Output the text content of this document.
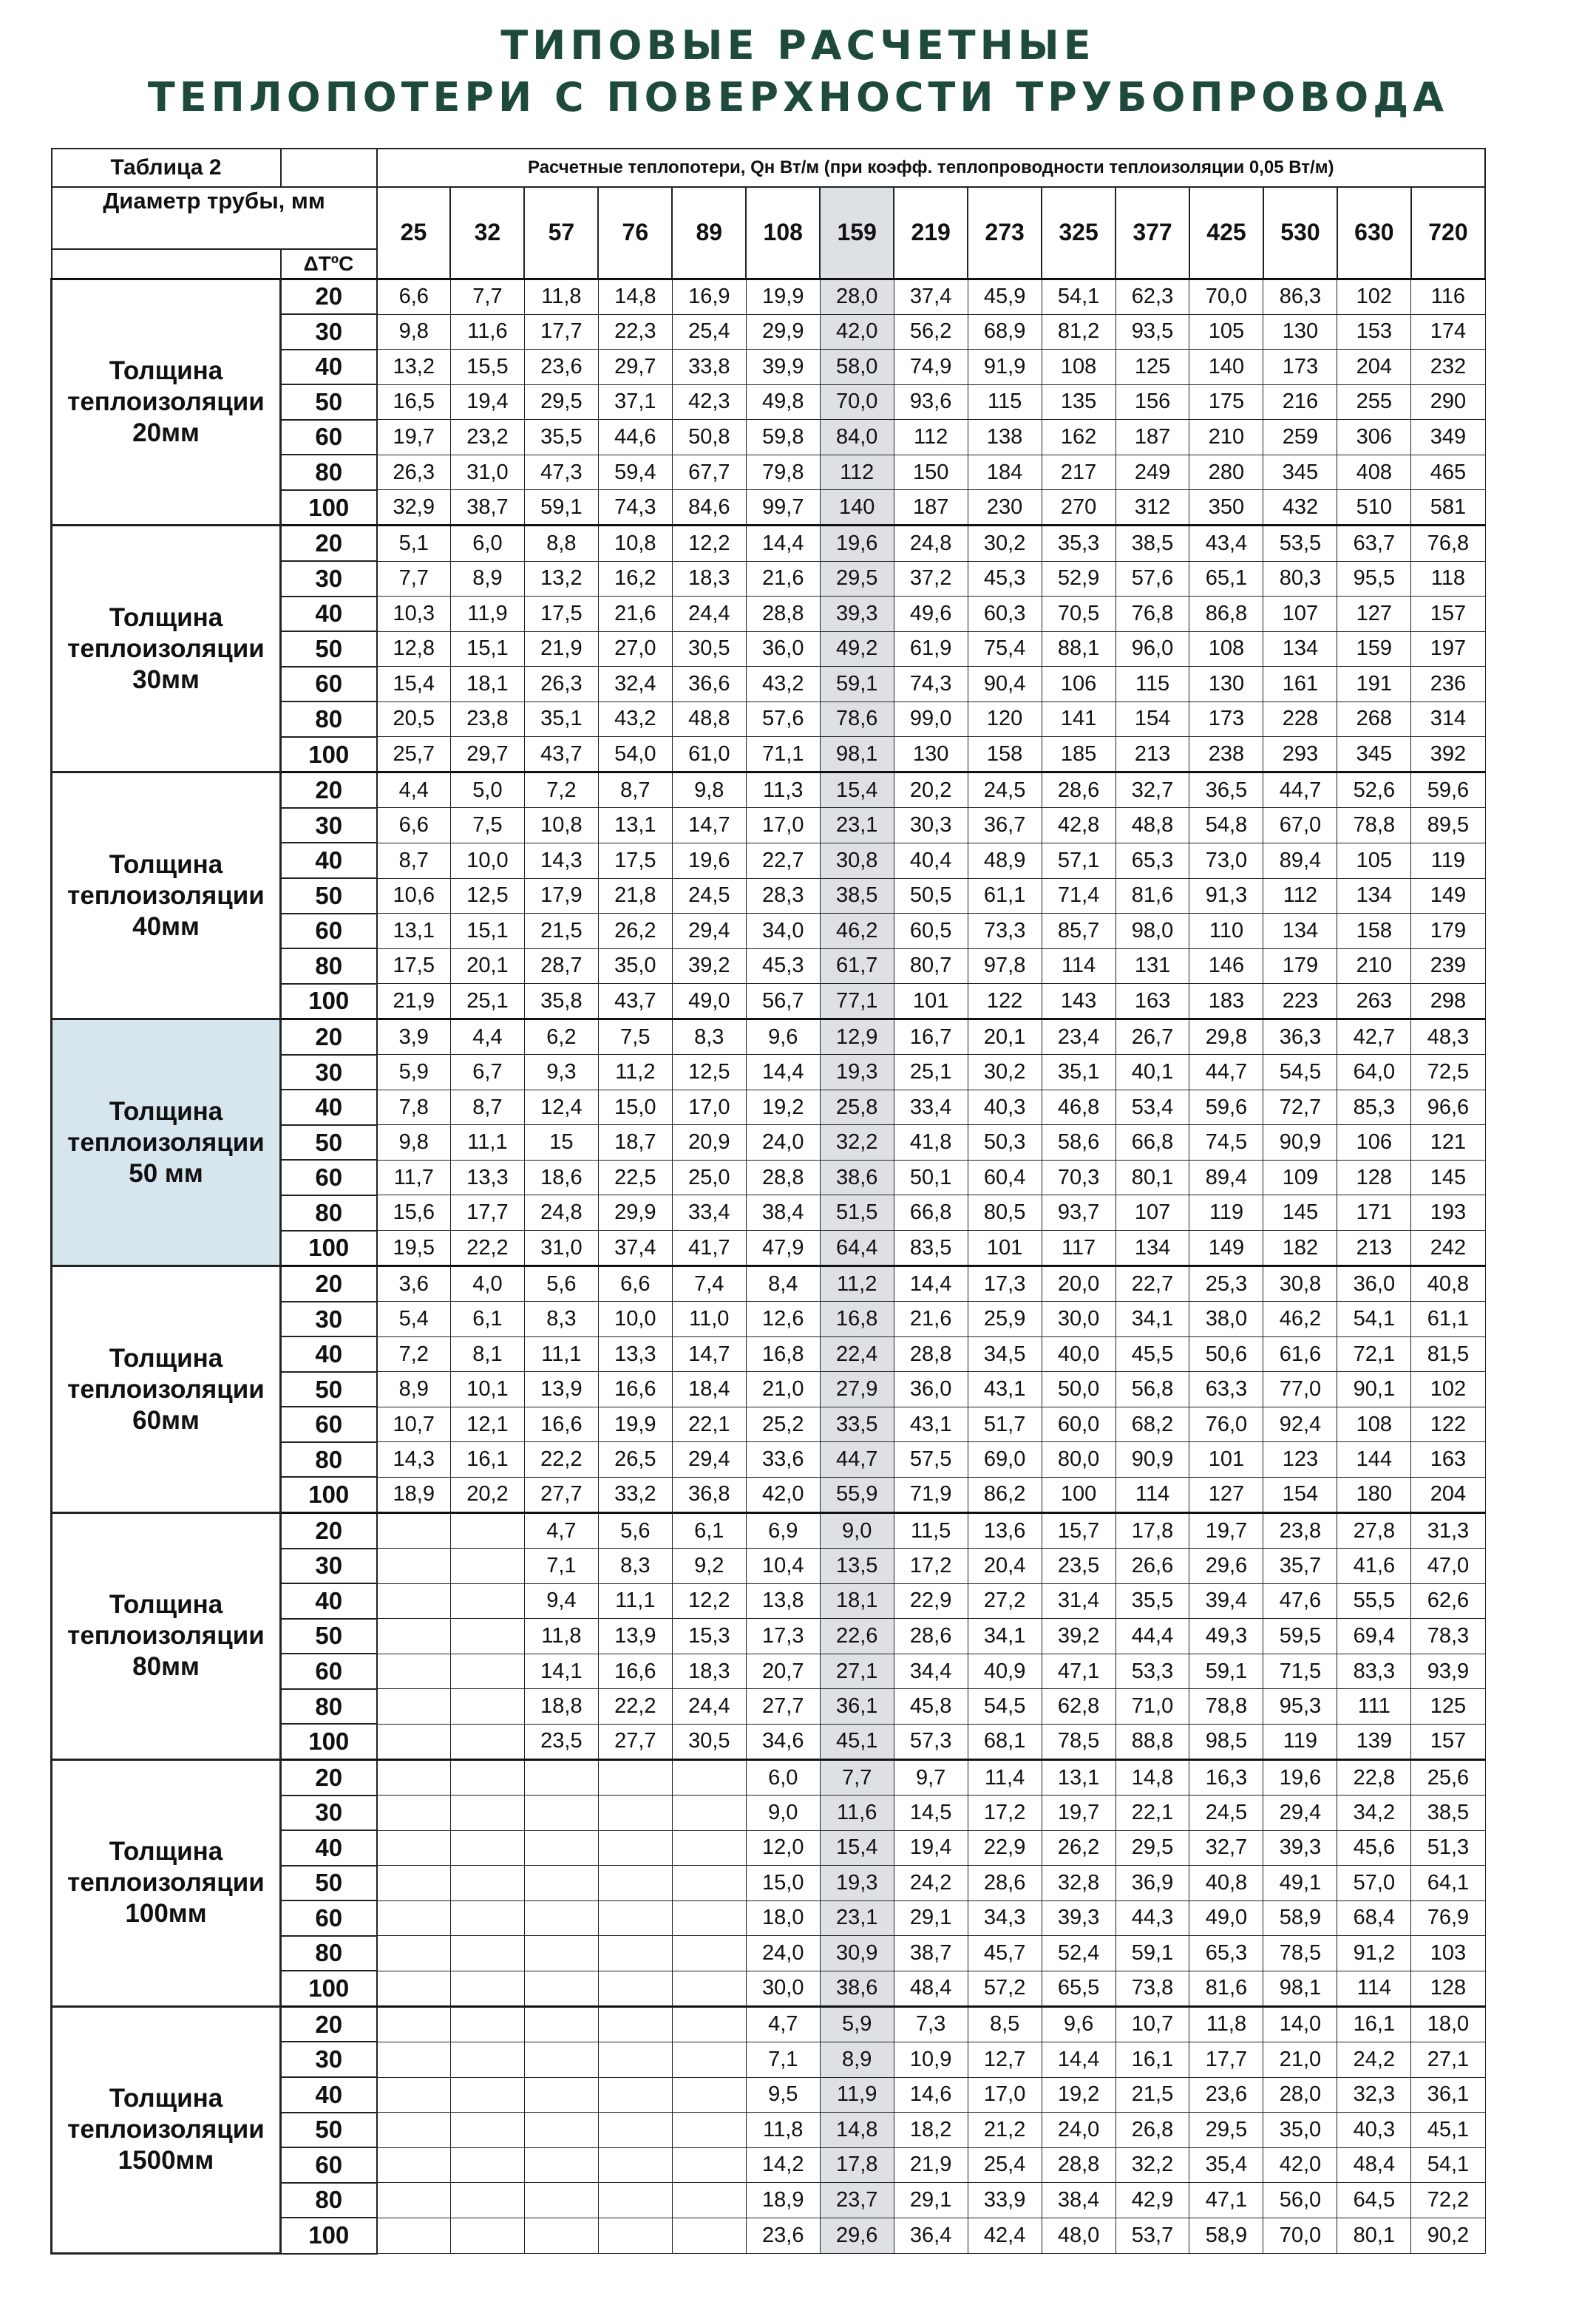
ТИПОВЫЕ РАСЧЕТНЫЕ
ТЕПЛОПОТЕРИ С ПОВЕРХНОСТИ ТРУБОПРОВОДА
Таблица 2		Расчетные теплопотери, Qн Вт/м (при коэфф. теплопроводности теплоизоляции 0,05 Вт/м)														
Диаметр трубы, мм		25	32	57	76	89	108	159	219	273	325	377	425	530	630	720
	ΔТºС															
Толщина теплоизоляции 20мм	20	6,6	7,7	11,8	14,8	16,9	19,9	28,0	37,4	45,9	54,1	62,3	70,0	86,3	102	116
	30	9,8	11,6	17,7	22,3	25,4	29,9	42,0	56,2	68,9	81,2	93,5	105	130	153	174
	40	13,2	15,5	23,6	29,7	33,8	39,9	58,0	74,9	91,9	108	125	140	173	204	232
	50	16,5	19,4	29,5	37,1	42,3	49,8	70,0	93,6	115	135	156	175	216	255	290
	60	19,7	23,2	35,5	44,6	50,8	59,8	84,0	112	138	162	187	210	259	306	349
	80	26,3	31,0	47,3	59,4	67,7	79,8	112	150	184	217	249	280	345	408	465
	100	32,9	38,7	59,1	74,3	84,6	99,7	140	187	230	270	312	350	432	510	581
Толщина теплоизоляции 30мм	20	5,1	6,0	8,8	10,8	12,2	14,4	19,6	24,8	30,2	35,3	38,5	43,4	53,5	63,7	76,8
	30	7,7	8,9	13,2	16,2	18,3	21,6	29,5	37,2	45,3	52,9	57,6	65,1	80,3	95,5	118
	40	10,3	11,9	17,5	21,6	24,4	28,8	39,3	49,6	60,3	70,5	76,8	86,8	107	127	157
	50	12,8	15,1	21,9	27,0	30,5	36,0	49,2	61,9	75,4	88,1	96,0	108	134	159	197
	60	15,4	18,1	26,3	32,4	36,6	43,2	59,1	74,3	90,4	106	115	130	161	191	236
	80	20,5	23,8	35,1	43,2	48,8	57,6	78,6	99,0	120	141	154	173	228	268	314
	100	25,7	29,7	43,7	54,0	61,0	71,1	98,1	130	158	185	213	238	293	345	392
Толщина теплоизоляции 40мм	20	4,4	5,0	7,2	8,7	9,8	11,3	15,4	20,2	24,5	28,6	32,7	36,5	44,7	52,6	59,6
	30	6,6	7,5	10,8	13,1	14,7	17,0	23,1	30,3	36,7	42,8	48,8	54,8	67,0	78,8	89,5
	40	8,7	10,0	14,3	17,5	19,6	22,7	30,8	40,4	48,9	57,1	65,3	73,0	89,4	105	119
	50	10,6	12,5	17,9	21,8	24,5	28,3	38,5	50,5	61,1	71,4	81,6	91,3	112	134	149
	60	13,1	15,1	21,5	26,2	29,4	34,0	46,2	60,5	73,3	85,7	98,0	110	134	158	179
	80	17,5	20,1	28,7	35,0	39,2	45,3	61,7	80,7	97,8	114	131	146	179	210	239
	100	21,9	25,1	35,8	43,7	49,0	56,7	77,1	101	122	143	163	183	223	263	298
Толщина теплоизоляции 50 мм	20	3,9	4,4	6,2	7,5	8,3	9,6	12,9	16,7	20,1	23,4	26,7	29,8	36,3	42,7	48,3
	30	5,9	6,7	9,3	11,2	12,5	14,4	19,3	25,1	30,2	35,1	40,1	44,7	54,5	64,0	72,5
	40	7,8	8,7	12,4	15,0	17,0	19,2	25,8	33,4	40,3	46,8	53,4	59,6	72,7	85,3	96,6
	50	9,8	11,1	15	18,7	20,9	24,0	32,2	41,8	50,3	58,6	66,8	74,5	90,9	106	121
	60	11,7	13,3	18,6	22,5	25,0	28,8	38,6	50,1	60,4	70,3	80,1	89,4	109	128	145
	80	15,6	17,7	24,8	29,9	33,4	38,4	51,5	66,8	80,5	93,7	107	119	145	171	193
	100	19,5	22,2	31,0	37,4	41,7	47,9	64,4	83,5	101	117	134	149	182	213	242
Толщина теплоизоляции 60мм	20	3,6	4,0	5,6	6,6	7,4	8,4	11,2	14,4	17,3	20,0	22,7	25,3	30,8	36,0	40,8
	30	5,4	6,1	8,3	10,0	11,0	12,6	16,8	21,6	25,9	30,0	34,1	38,0	46,2	54,1	61,1
	40	7,2	8,1	11,1	13,3	14,7	16,8	22,4	28,8	34,5	40,0	45,5	50,6	61,6	72,1	81,5
	50	8,9	10,1	13,9	16,6	18,4	21,0	27,9	36,0	43,1	50,0	56,8	63,3	77,0	90,1	102
	60	10,7	12,1	16,6	19,9	22,1	25,2	33,5	43,1	51,7	60,0	68,2	76,0	92,4	108	122
	80	14,3	16,1	22,2	26,5	29,4	33,6	44,7	57,5	69,0	80,0	90,9	101	123	144	163
	100	18,9	20,2	27,7	33,2	36,8	42,0	55,9	71,9	86,2	100	114	127	154	180	204
Толщина теплоизоляции 80мм	20			4,7	5,6	6,1	6,9	9,0	11,5	13,6	15,7	17,8	19,7	23,8	27,8	31,3
	30			7,1	8,3	9,2	10,4	13,5	17,2	20,4	23,5	26,6	29,6	35,7	41,6	47,0
	40			9,4	11,1	12,2	13,8	18,1	22,9	27,2	31,4	35,5	39,4	47,6	55,5	62,6
	50			11,8	13,9	15,3	17,3	22,6	28,6	34,1	39,2	44,4	49,3	59,5	69,4	78,3
	60			14,1	16,6	18,3	20,7	27,1	34,4	40,9	47,1	53,3	59,1	71,5	83,3	93,9
	80			18,8	22,2	24,4	27,7	36,1	45,8	54,5	62,8	71,0	78,8	95,3	111	125
	100			23,5	27,7	30,5	34,6	45,1	57,3	68,1	78,5	88,8	98,5	119	139	157
Толщина теплоизоляции 100мм	20						6,0	7,7	9,7	11,4	13,1	14,8	16,3	19,6	22,8	25,6
	30						9,0	11,6	14,5	17,2	19,7	22,1	24,5	29,4	34,2	38,5
	40						12,0	15,4	19,4	22,9	26,2	29,5	32,7	39,3	45,6	51,3
	50						15,0	19,3	24,2	28,6	32,8	36,9	40,8	49,1	57,0	64,1
	60						18,0	23,1	29,1	34,3	39,3	44,3	49,0	58,9	68,4	76,9
	80						24,0	30,9	38,7	45,7	52,4	59,1	65,3	78,5	91,2	103
	100						30,0	38,6	48,4	57,2	65,5	73,8	81,6	98,1	114	128
Толщина теплоизоляции 1500мм	20						4,7	5,9	7,3	8,5	9,6	10,7	11,8	14,0	16,1	18,0
	30						7,1	8,9	10,9	12,7	14,4	16,1	17,7	21,0	24,2	27,1
	40						9,5	11,9	14,6	17,0	19,2	21,5	23,6	28,0	32,3	36,1
	50						11,8	14,8	18,2	21,2	24,0	26,8	29,5	35,0	40,3	45,1
	60						14,2	17,8	21,9	25,4	28,8	32,2	35,4	42,0	48,4	54,1
	80						18,9	23,7	29,1	33,9	38,4	42,9	47,1	56,0	64,5	72,2
	100						23,6	29,6	36,4	42,4	48,0	53,7	58,9	70,0	80,1	90,2
